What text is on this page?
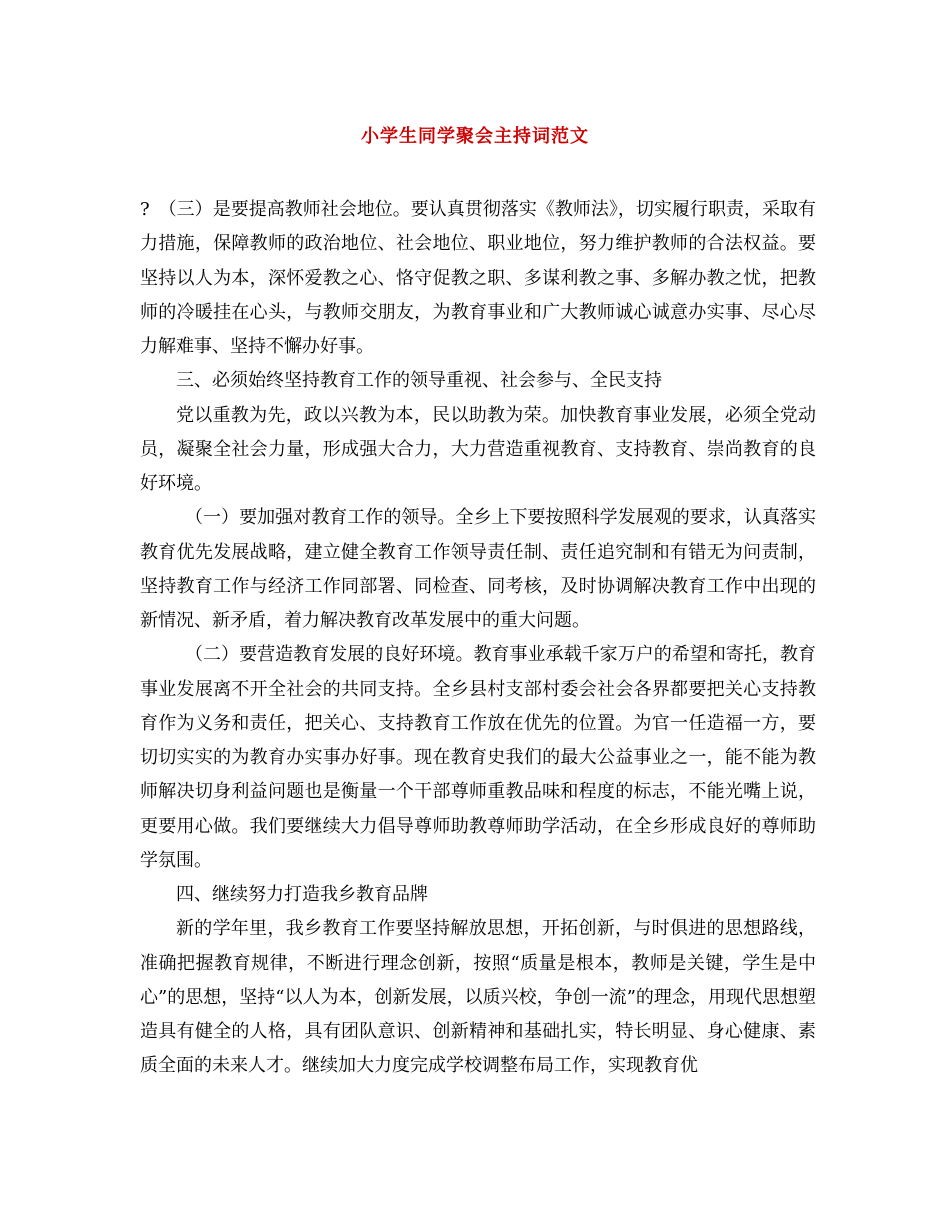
小学生同学聚会主持词范文

?　（三）是要提高教师社会地位。要认真贯彻落实《教师法》，切实履行职责，采取有力措施，保障教师的政治地位、社会地位、职业地位，努力维护教师的合法权益。要坚持以人为本，深怀爱教之心、恪守促教之职、多谋利教之事、多解办教之忧，把教师的冷暖挂在心头，与教师交朋友，为教育事业和广大教师诚心诚意办实事、尽心尽力解难事、坚持不懈办好事。

三、必须始终坚持教育工作的领导重视、社会参与、全民支持

党以重教为先，政以兴教为本，民以助教为荣。加快教育事业发展，必须全党动员，凝聚全社会力量，形成强大合力，大力营造重视教育、支持教育、崇尚教育的良好环境。

（一）要加强对教育工作的领导。全乡上下要按照科学发展观的要求，认真落实教育优先发展战略，建立健全教育工作领导责任制、责任追究制和有错无为问责制，坚持教育工作与经济工作同部署、同检查、同考核，及时协调解决教育工作中出现的新情况、新矛盾，着力解决教育改革发展中的重大问题。

（二）要营造教育发展的良好环境。教育事业承载千家万户的希望和寄托，教育事业发展离不开全社会的共同支持。全乡县村支部村委会社会各界都要把关心支持教育作为义务和责任，把关心、支持教育工作放在优先的位置。为官一任造福一方，要切切实实的为教育办实事办好事。现在教育史我们的最大公益事业之一，能不能为教师解决切身利益问题也是衡量一个干部尊师重教品味和程度的标志，不能光嘴上说，更要用心做。我们要继续大力倡导尊师助教尊师助学活动，在全乡形成良好的尊师助学氛围。

四、继续努力打造我乡教育品牌

新的学年里，我乡教育工作要坚持解放思想，开拓创新，与时俱进的思想路线，准确把握教育规律，不断进行理念创新，按照“质量是根本，教师是关键，学生是中心”的思想，坚持“以人为本，创新发展，以质兴校，争创一流”的理念，用现代思想塑造具有健全的人格，具有团队意识、创新精神和基础扎实，特长明显、身心健康、素质全面的未来人才。继续加大力度完成学校调整布局工作，实现教育优
